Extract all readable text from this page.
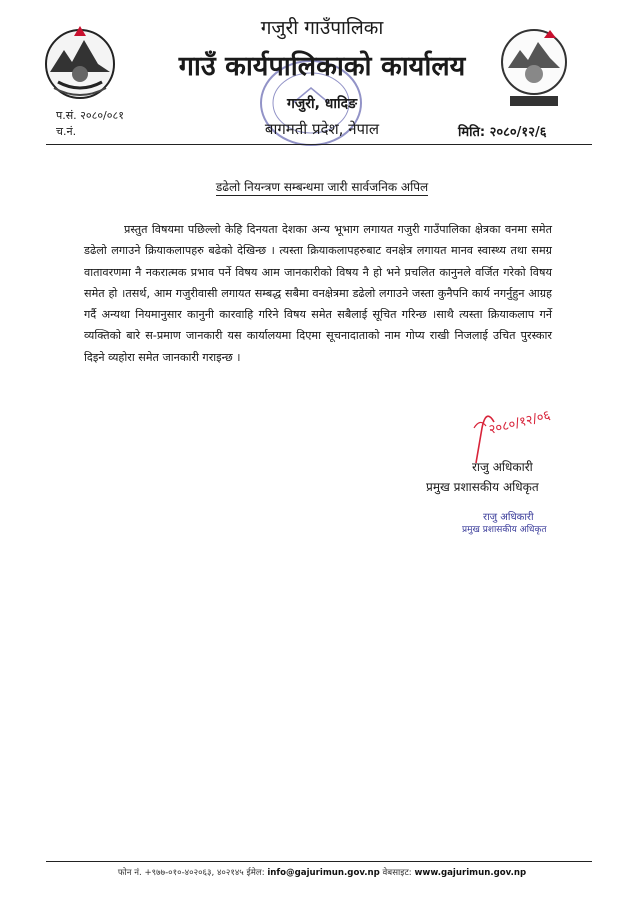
गजुरी गाउँपालिका
गाउँ कार्यपालिकाको कार्यालय
गजुरी, धादिङ
बागमती प्रदेश, नेपाल
प.सं. २०८०/०८१
च.नं.	मिति: २०८०/१२/६
डढेलो नियन्त्रण सम्बन्धमा जारी सार्वजनिक अपिल
प्रस्तुत विषयमा पछिल्लो केहि दिनयता देशका अन्य भूभाग लगायत गजुरी गाउँपालिका क्षेत्रका वनमा समेत डढेलो लगाउने क्रियाकलापहरु बढेको देखिन्छ । त्यस्ता क्रियाकलापहरुबाट वनक्षेत्र लगायत मानव स्वास्थ्य तथा समग्र वातावरणमा नै नकरात्मक प्रभाव पर्ने विषय आम जानकारीको विषय नै हो भने प्रचलित कानुनले वर्जित गरेको विषय समेत हो ।तसर्थ, आम गजुरीवासी लगायत सम्बद्ध सबैमा वनक्षेत्रमा डढेलो लगाउने जस्ता कुनैपनि कार्य नगर्नुहुन आग्रह गर्दै अन्यथा नियमानुसार कानुनी कारवाहि गरिने विषय समेत सबैलाई सूचित गरिन्छ ।साथै त्यस्ता क्रियाकलाप गर्ने व्यक्तिको बारे स-प्रमाण जानकारी यस कार्यालयमा दिएमा सूचनादाताको नाम गोप्य राखी निजलाई उचित पुरस्कार दिइने व्यहोरा समेत जानकारी गराइन्छ ।
२०८०/१२/०६
राजु अधिकारी
प्रमुख प्रशासकीय अधिकृत
राजु अधिकारी
प्रमुख प्रशासकीय अधिकृत
फोन नं. +९७७-०१०-४०२०६३, ४०२१४५ ईमेल: info@gajurimun.gov.np वेबसाइट: www.gajurimun.gov.np
